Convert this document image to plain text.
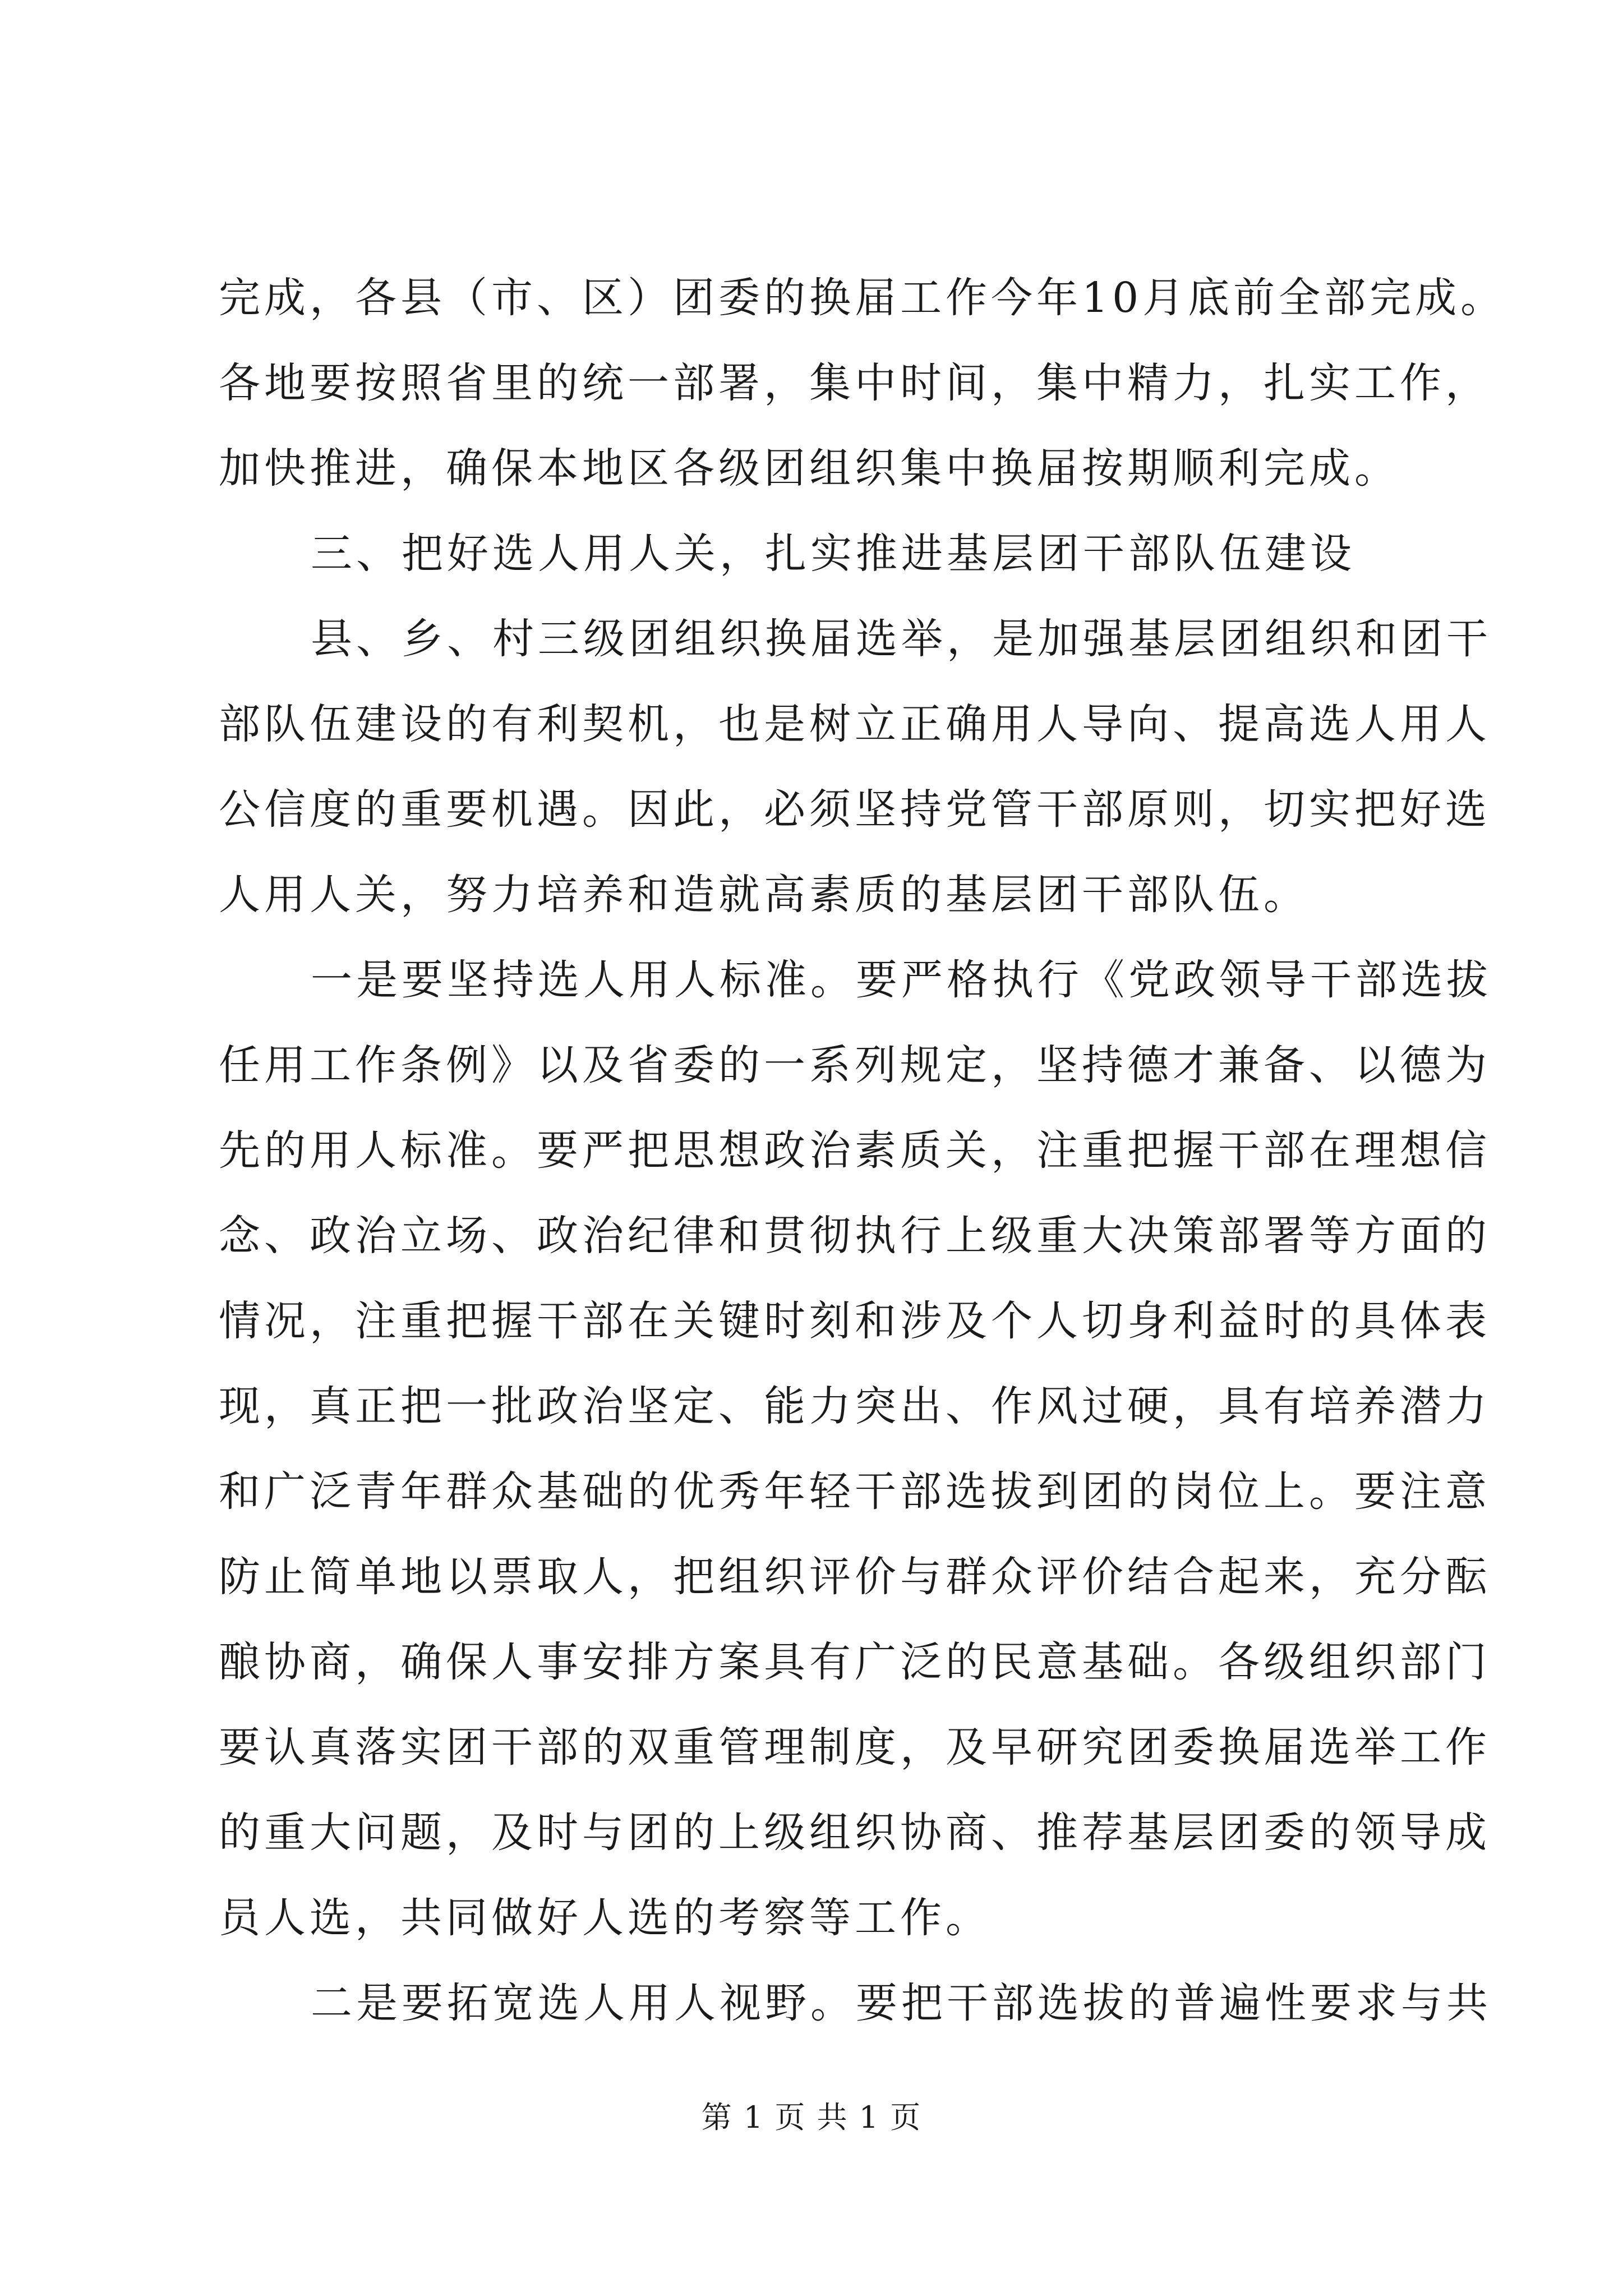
完成，各县（市、区）团委的换届工作今年10月底前全部完成。
各地要按照省里的统一部署，集中时间，集中精力，扎实工作，
加快推进，确保本地区各级团组织集中换届按期顺利完成。
三、把好选人用人关，扎实推进基层团干部队伍建设
县、乡、村三级团组织换届选举，是加强基层团组织和团干
部队伍建设的有利契机，也是树立正确用人导向、提高选人用人
公信度的重要机遇。因此，必须坚持党管干部原则，切实把好选
人用人关，努力培养和造就高素质的基层团干部队伍。
一是要坚持选人用人标准。要严格执行《党政领导干部选拔
任用工作条例》以及省委的一系列规定，坚持德才兼备、以德为
先的用人标准。要严把思想政治素质关，注重把握干部在理想信
念、政治立场、政治纪律和贯彻执行上级重大决策部署等方面的
情况，注重把握干部在关键时刻和涉及个人切身利益时的具体表
现，真正把一批政治坚定、能力突出、作风过硬，具有培养潜力
和广泛青年群众基础的优秀年轻干部选拔到团的岗位上。要注意
防止简单地以票取人，把组织评价与群众评价结合起来，充分酝
酿协商，确保人事安排方案具有广泛的民意基础。各级组织部门
要认真落实团干部的双重管理制度，及早研究团委换届选举工作
的重大问题，及时与团的上级组织协商、推荐基层团委的领导成
员人选，共同做好人选的考察等工作。
二是要拓宽选人用人视野。要把干部选拔的普遍性要求与共
第 1 页 共 1 页
